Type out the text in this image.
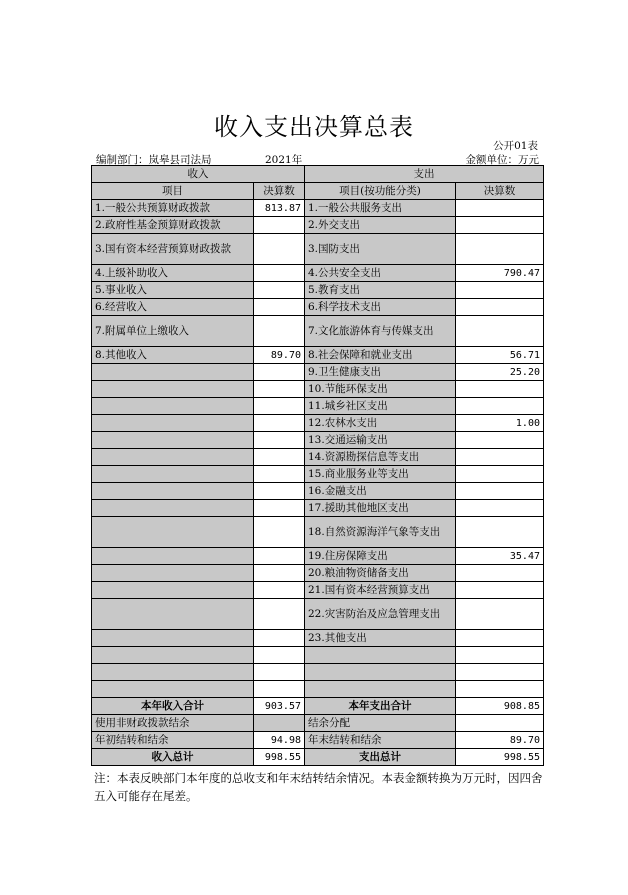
收入支出决算总表
公开01表
编制部门：岚皋县司法局	2021年	金额单位：万元
收入		支出	
项目	决算数	项目(按功能分类)	决算数
1.一般公共预算财政拨款	813.87	1.一般公共服务支出	
2.政府性基金预算财政拨款		2.外交支出	
3.国有资本经营预算财政拨款		3.国防支出	
4.上级补助收入		4.公共安全支出	790.47
5.事业收入		5.教育支出	
6.经营收入		6.科学技术支出	
7.附属单位上缴收入		7.文化旅游体育与传媒支出	
8.其他收入	89.70	8.社会保障和就业支出	56.71
		9.卫生健康支出	25.20
		10.节能环保支出	
		11.城乡社区支出	
		12.农林水支出	1.00
		13.交通运输支出	
		14.资源勘探信息等支出	
		15.商业服务业等支出	
		16.金融支出	
		17.援助其他地区支出	
		18.自然资源海洋气象等支出	
		19.住房保障支出	35.47
		20.粮油物资储备支出	
		21.国有资本经营预算支出	
		22.灾害防治及应急管理支出	
		23.其他支出	

本年收入合计	903.57	本年支出合计	908.85
使用非财政拨款结余		结余分配	
年初结转和结余	94.98	年末结转和结余	89.70
收入总计	998.55	支出总计	998.55
注：本表反映部门本年度的总收支和年末结转结余情况。本表金额转换为万元时，因四舍五入可能存在尾差。
